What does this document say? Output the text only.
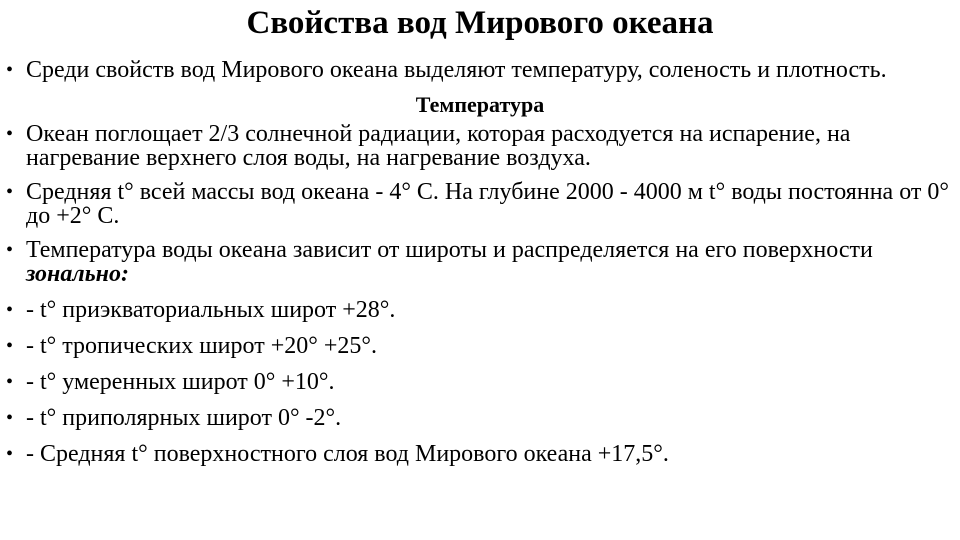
Свойства вод Мирового океана
• Среди свойств вод Мирового океана выделяют температуру, соленость и плотность.
Температура
• Океан поглощает 2/3 солнечной радиации, которая расходуется на испарение, на нагревание верхнего слоя воды, на нагревание воздуха.
• Средняя t° всей массы вод океана - 4° С. На глубине 2000 - 4000 м t° воды постоянна от 0° до +2° С.
• Температура воды океана зависит от широты и распределяется на его поверхности
зонально:
• - t° приэкваториальных широт +28°.
• - t° тропических широт +20° +25°.
• - t° умеренных широт 0° +10°.
• - t° приполярных широт 0° -2°.
• - Средняя t° поверхностного слоя вод Мирового океана +17,5°.
